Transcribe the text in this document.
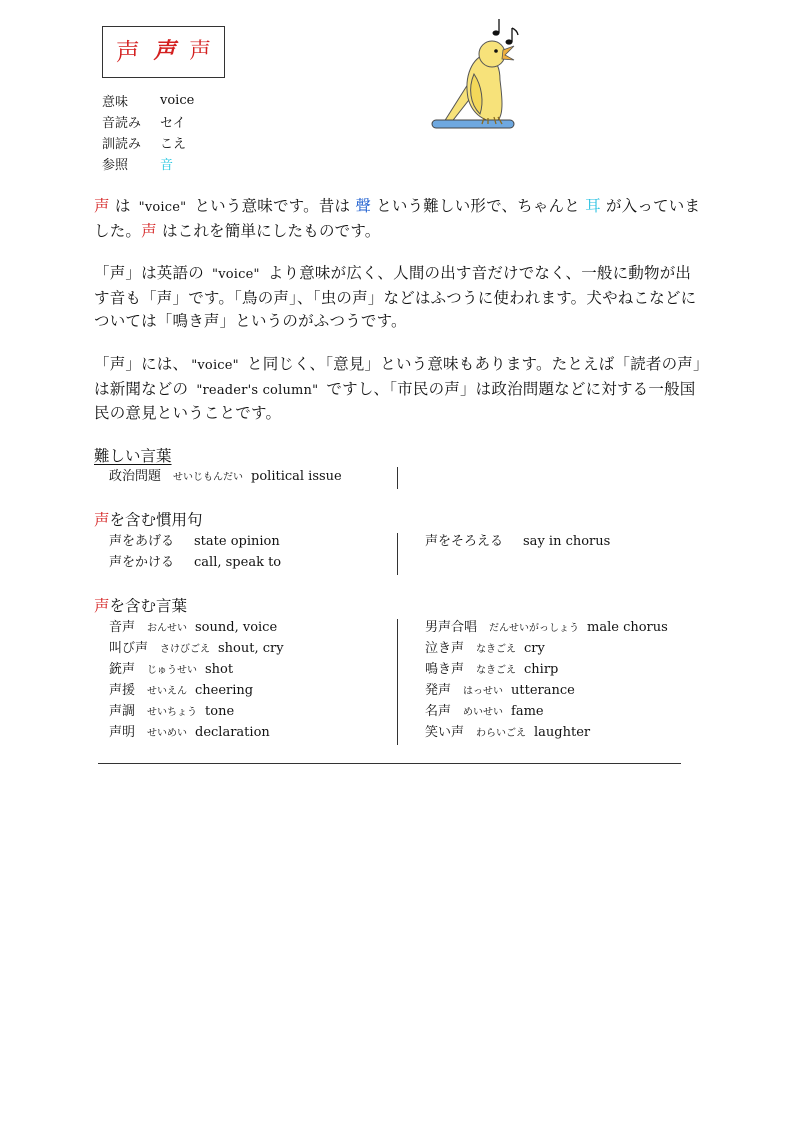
声 声 声
意味	voice
音読み	セイ
訓読み	こえ
参照	音
声 は "voice" という意味です。昔は 聲 という難しい形で、ちゃんと 耳 が入っていました。声 はこれを簡単にしたものです。
「声」は英語の "voice" より意味が広く、人間の出す音だけでなく、一般に動物が出す音も「声」です。「鳥の声」、「虫の声」などはふつうに使われます。犬やねこなどについては「鳴き声」というのがふつうです。
「声」には、 "voice" と同じく、「意見」という意味もあります。たとえば「読者の声」は新聞などの "reader's column" ですし、「市民の声」は政治問題などに対する一般国民の意見ということです。
難しい言葉
政治問題 せいじもんだい political issue
声を含む慣用句
声をあげる state opinion
声をかける call, speak to
声をそろえる say in chorus
声を含む言葉
音声 おんせい sound, voice
叫び声 さけびごえ shout, cry
銃声 じゅうせい shot
声援 せいえん cheering
声調 せいちょう tone
声明 せいめい declaration
男声合唱 だんせいがっしょう male chorus
泣き声 なきごえ cry
鳴き声 なきごえ chirp
発声 はっせい utterance
名声 めいせい fame
笑い声 わらいごえ laughter
